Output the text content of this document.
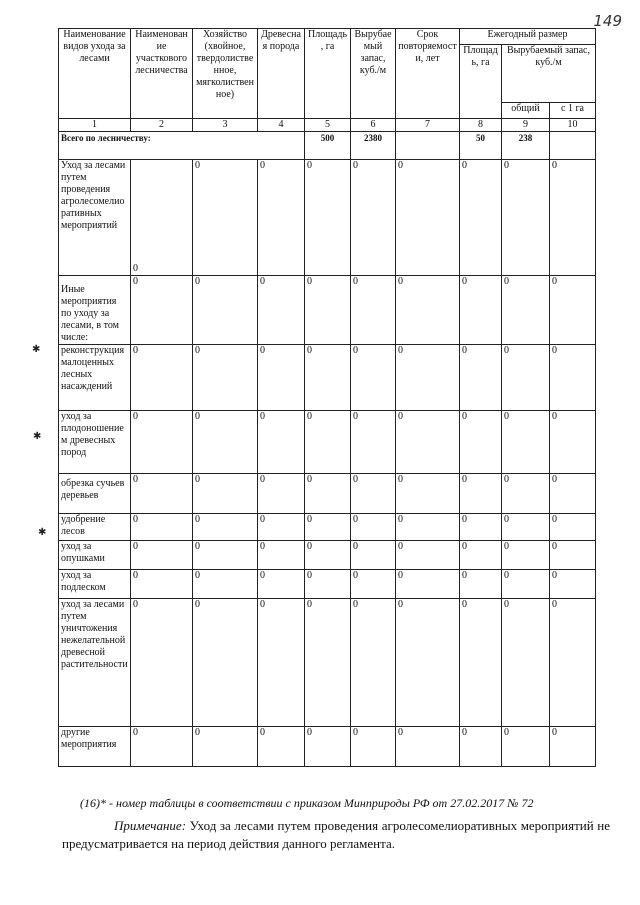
149
✱
✱
✱
Наименование видов ухода за лесами	Наименование участкового лесничества	Хозяйство (хвойное, твердолиственное, мягколиственное)	Древесная порода	Площадь, га	Вырубаемый запас, куб./м	Срок повторяемости, лет	Ежегодный размер		
							Площадь, га	Вырубаемый запас, куб./м	
								общий	с 1 га
1	2	3	4	5	6	7	8	9	10
Всего по лесничеству:				500	2380		50	238	
Уход за лесами путем проведения агролесомелиоративных мероприятий	0	0	0	0	0	0	0	0	0
Иные мероприятия по уходу за лесами, в том числе:	0	0	0	0	0	0	0	0	0
реконструкция малоценных лесных насаждений	0	0	0	0	0	0	0	0	0
уход за плодоношением древесных пород	0	0	0	0	0	0	0	0	0
обрезка сучьев деревьев	0	0	0	0	0	0	0	0	0
удобрение лесов	0	0	0	0	0	0	0	0	0
уход за опушками	0	0	0	0	0	0	0	0	0
уход за подлеском	0	0	0	0	0	0	0	0	0
уход за лесами путем уничтожения нежелательной древесной растительности	0	0	0	0	0	0	0	0	0
другие мероприятия	0	0	0	0	0	0	0	0	0
(16)* - номер таблицы в соответствии с приказом Минприроды РФ от 27.02.2017 № 72
Примечание: Уход за лесами путем проведения агролесомелиоративных мероприятий не предусматривается на период действия данного регламента.
